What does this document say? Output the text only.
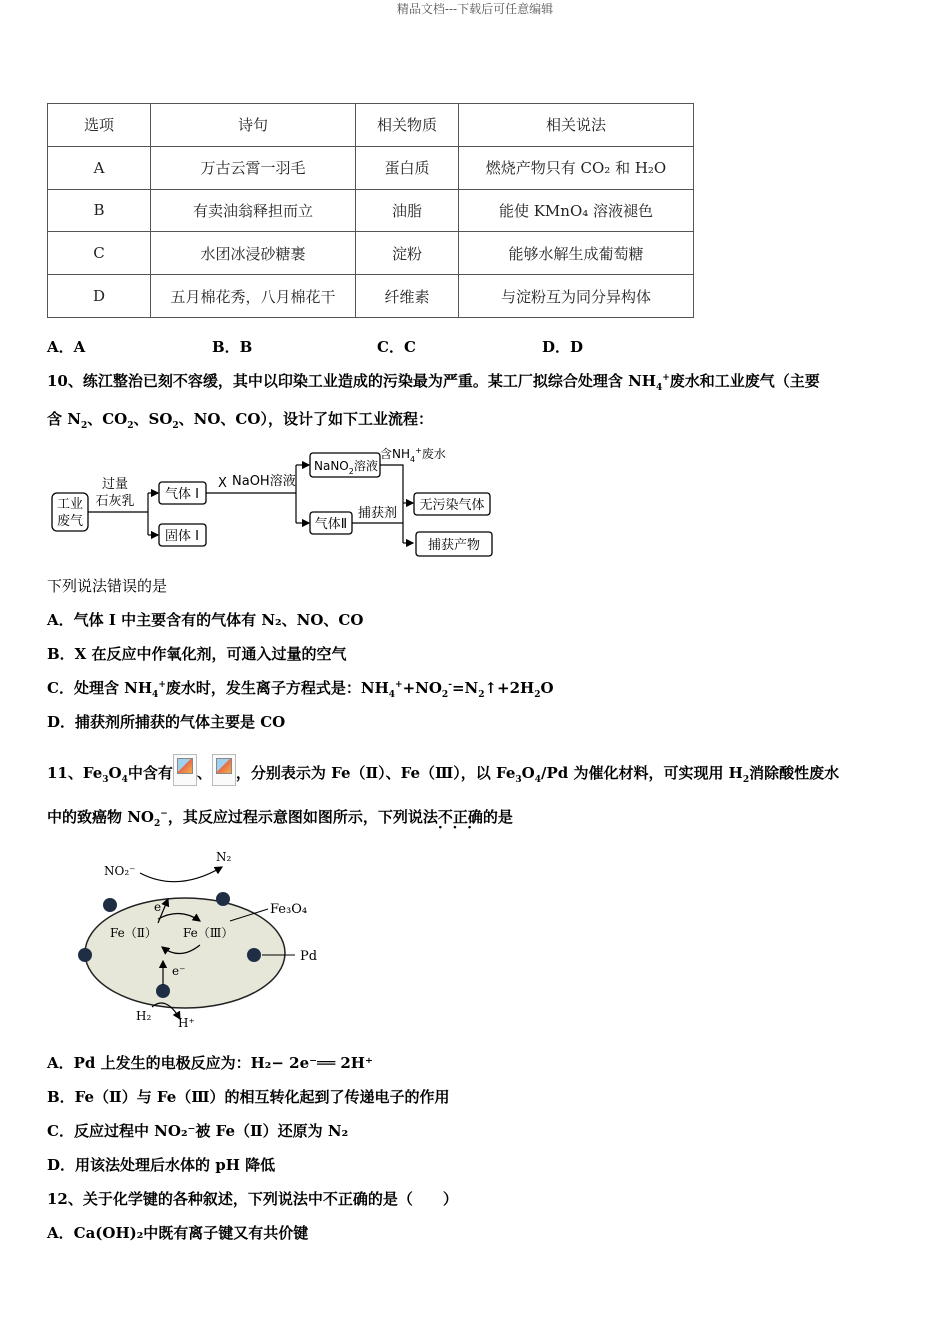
精品文档---下载后可任意编辑
选项	诗句	相关物质	相关说法
A	万古云霄一羽毛	蛋白质	燃烧产物只有 CO₂ 和 H₂O
B	有卖油翁释担而立	油脂	能使 KMnO₄ 溶液褪色
C	水团冰浸砂糖裹	淀粉	能够水解生成葡萄糖
D	五月棉花秀，八月棉花干	纤维素	与淀粉互为同分异构体
A．A	B．B	C．C	D．D
10、练江整治已刻不容缓，其中以印染工业造成的污染最为严重。某工厂拟综合处理含 $NH_4^+$废水和工业废气（主要
含 $N_2$、$CO_2$、$SO_2$、NO、CO），设计了如下工业流程：
工业
废气
过量
石灰乳 气体 I
固体 I
X NaOH溶液
NaNO$_2$溶液
气体Ⅱ
含$NH_4^+$废水
捕获剂
无污染气体
捕获产物
下列说法错误的是
A．气体 I 中主要含有的气体有 N₂、NO、CO
B．X 在反应中作氧化剂，可通入过量的空气
C．处理含 $NH_4^+$废水时，发生离子方程式是：$NH_4^++NO_2^-=N_2↑+2H_2O$
D．捕获剂所捕获的气体主要是 CO
11、$Fe_3O_4$中含有 、 ，分别表示为 Fe（Ⅱ）、Fe（Ⅲ），以 $Fe_3O_4/Pd$ 为催化材料，可实现用 $H_2$消除酸性废水
中的致癌物 $NO_2^-$，其反应过程示意图如图所示，下列说法不正确 ·  ·  ·的是
NO₂⁻
N₂
e
Fe（Ⅱ） Fe（Ⅲ）
Fe₃O₄
Pd
e⁻
H₂ H⁺
A．Pd 上发生的电极反应为：H₂− 2e⁻══ 2H⁺
B．Fe（Ⅱ）与 Fe（Ⅲ）的相互转化起到了传递电子的作用
C．反应过程中 NO₂⁻被 Fe（Ⅱ）还原为 N₂
D．用该法处理后水体的 pH 降低
12、关于化学键的各种叙述，下列说法中不正确的是（　　）
A．Ca(OH)₂中既有离子键又有共价键
